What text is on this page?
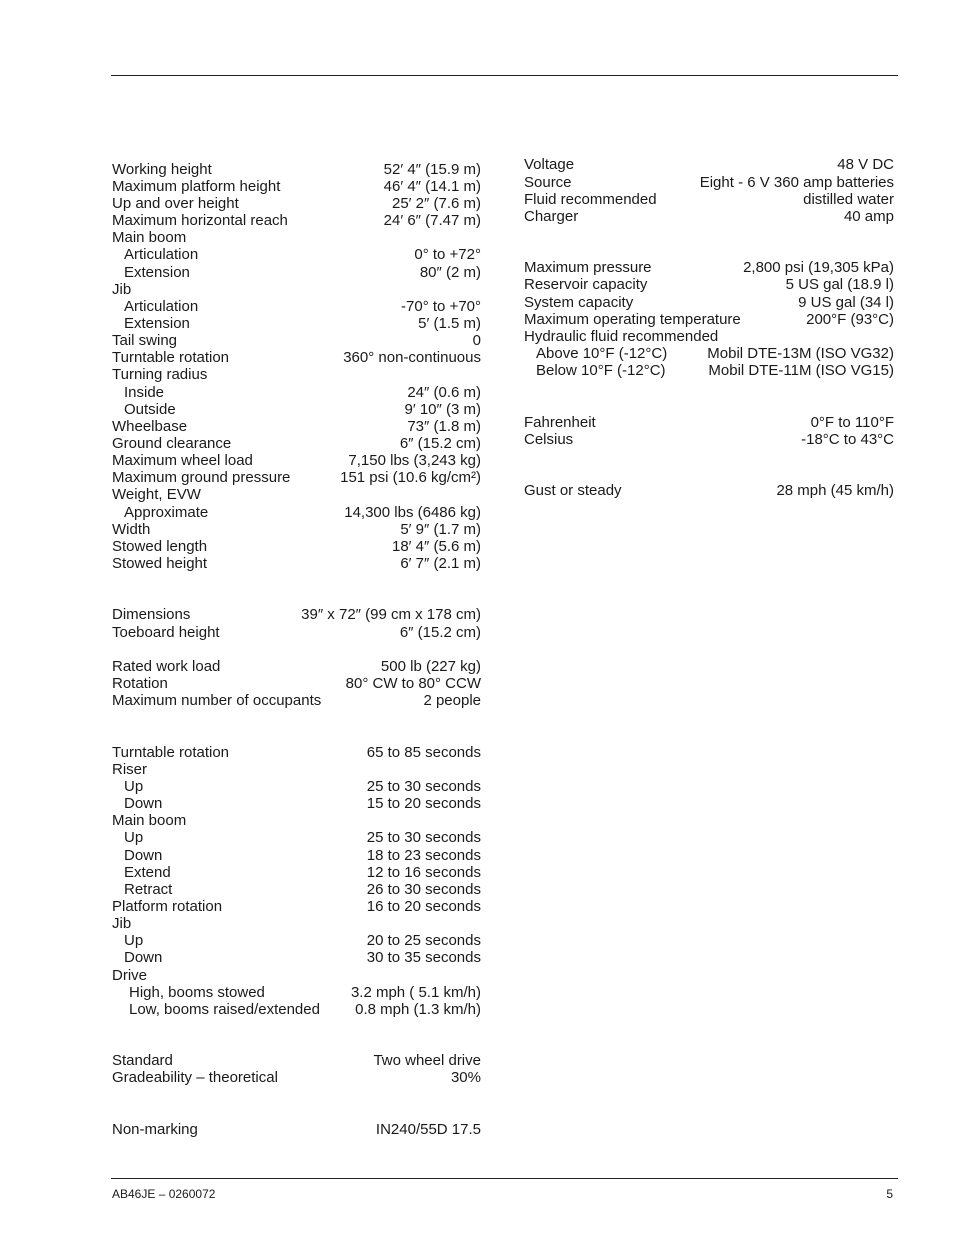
Working height	52′ 4″ (15.9 m)
Maximum platform height	46′ 4″ (14.1 m)
Up and over height	25′ 2″ (7.6 m)
Maximum horizontal reach	24′ 6″ (7.47 m)
Main boom
Articulation	0° to +72°
Extension	80″ (2 m)
Jib
Articulation	-70° to +70°
Extension	5′ (1.5 m)
Tail swing	0
Turntable rotation	360° non-continuous
Turning radius
Inside	24″ (0.6 m)
Outside	9′ 10″ (3 m)
Wheelbase	73″ (1.8 m)
Ground clearance	6″ (15.2 cm)
Maximum wheel load	7,150 lbs (3,243 kg)
Maximum ground pressure	151 psi (10.6 kg/cm²)
Weight, EVW
Approximate	14,300 lbs (6486 kg)
Width	5′ 9″ (1.7 m)
Stowed length	18′ 4″ (5.6 m)
Stowed height	6′ 7″ (2.1 m)
Dimensions	39″ x 72″ (99 cm x 178 cm)
Toeboard height	6″ (15.2 cm)
Rated work load	500 lb (227 kg)
Rotation	80° CW to 80° CCW
Maximum number of occupants	2 people
Turntable rotation	65 to 85 seconds
Riser
Up	25 to 30 seconds
Down	15 to 20 seconds
Main boom
Up	25 to 30 seconds
Down	18 to 23 seconds
Extend	12 to 16 seconds
Retract	26 to 30 seconds
Platform rotation	16 to 20 seconds
Jib
Up	20 to 25 seconds
Down	30 to 35 seconds
Drive
High, booms stowed	3.2 mph ( 5.1 km/h)
Low, booms raised/extended 0.8 mph (1.3 km/h)
Standard	Two wheel drive
Gradeability – theoretical	30%
Non-marking	IN240/55D 17.5
Voltage	48 V DC
Source	Eight - 6 V 360 amp batteries
Fluid recommended	distilled water
Charger	40 amp
Maximum pressure	2,800 psi (19,305 kPa)
Reservoir capacity	5 US gal (18.9 l)
System capacity	9 US gal (34 l)
Maximum operating temperature	200°F (93°C)
Hydraulic fluid recommended
Above 10°F (-12°C)	Mobil DTE-13M (ISO VG32)
Below 10°F (-12°C)	Mobil DTE-11M (ISO VG15)
Fahrenheit	0°F to 110°F
Celsius	-18°C to 43°C
Gust or steady	28 mph (45 km/h)
AB46JE – 0260072	5
